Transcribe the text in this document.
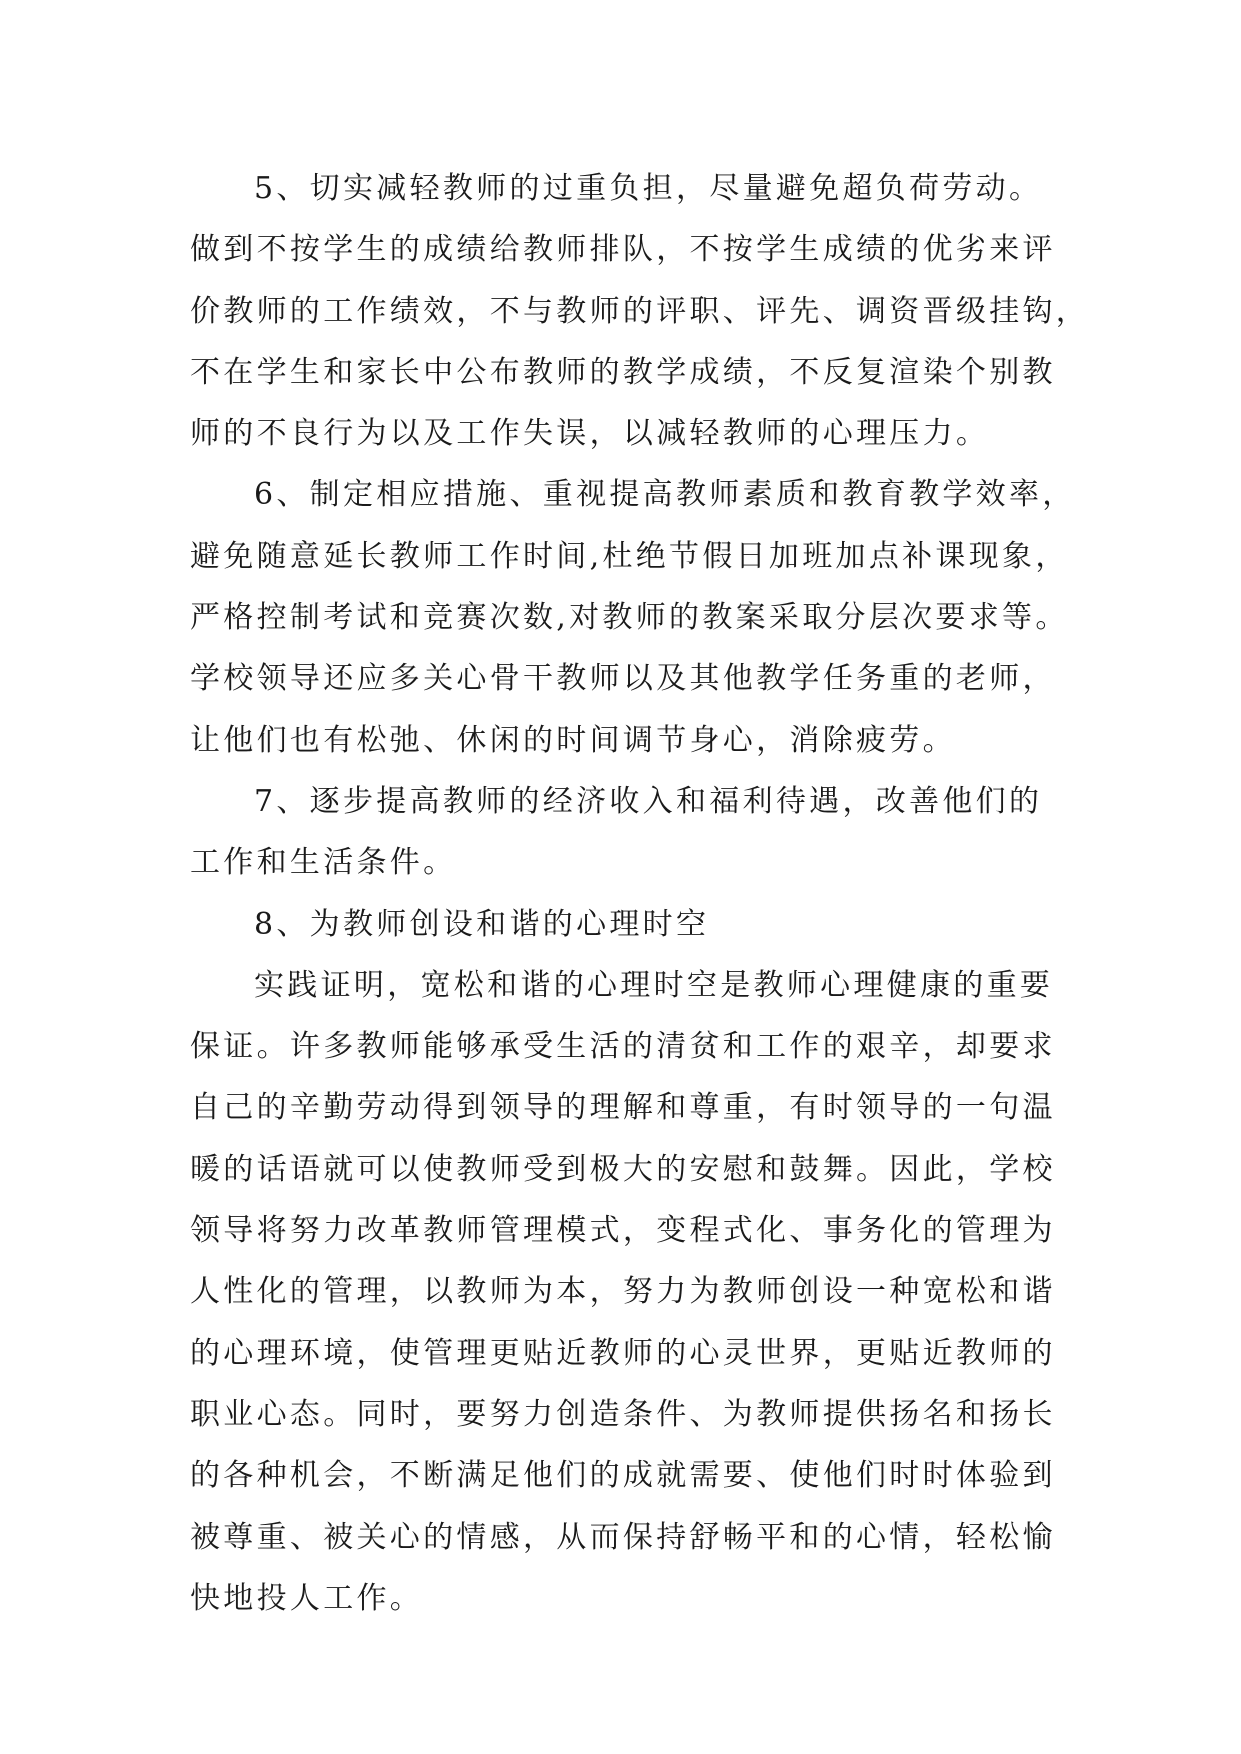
5、切实减轻教师的过重负担，尽量避免超负荷劳动。
做到不按学生的成绩给教师排队，不按学生成绩的优劣来评
价教师的工作绩效，不与教师的评职、评先、调资晋级挂钩，
不在学生和家长中公布教师的教学成绩，不反复渲染个别教
师的不良行为以及工作失误，以减轻教师的心理压力。
6、制定相应措施、重视提高教师素质和教育教学效率，
避免随意延长教师工作时间,杜绝节假日加班加点补课现象，
严格控制考试和竞赛次数,对教师的教案采取分层次要求等。
学校领导还应多关心骨干教师以及其他教学任务重的老师，
让他们也有松弛、休闲的时间调节身心，消除疲劳。
7、逐步提高教师的经济收入和福利待遇，改善他们的
工作和生活条件。
8、为教师创设和谐的心理时空
实践证明，宽松和谐的心理时空是教师心理健康的重要
保证。许多教师能够承受生活的清贫和工作的艰辛，却要求
自己的辛勤劳动得到领导的理解和尊重，有时领导的一句温
暖的话语就可以使教师受到极大的安慰和鼓舞。因此，学校
领导将努力改革教师管理模式，变程式化、事务化的管理为
人性化的管理，以教师为本，努力为教师创设一种宽松和谐
的心理环境，使管理更贴近教师的心灵世界，更贴近教师的
职业心态。同时，要努力创造条件、为教师提供扬名和扬长
的各种机会，不断满足他们的成就需要、使他们时时体验到
被尊重、被关心的情感，从而保持舒畅平和的心情，轻松愉
快地投人工作。
